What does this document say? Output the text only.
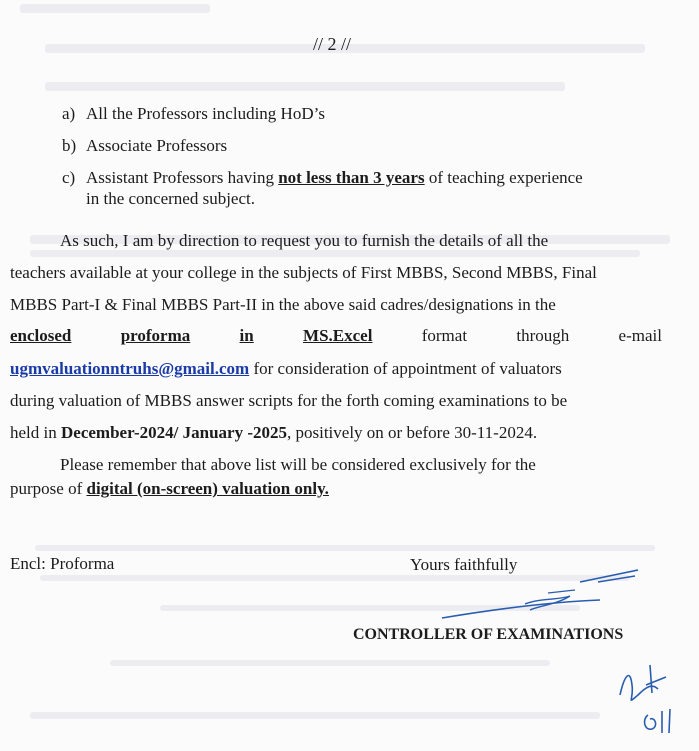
// 2 //
a) All the Professors including HoD’s
b) Associate Professors
c) Assistant Professors having not less than 3 years of teaching experience
in the concerned subject.
As such, I am by direction to request you to furnish the details of all the
teachers available at your college in the subjects of First MBBS, Second MBBS, Final
MBBS Part-I & Final MBBS Part-II in the above said cadres/designations in the
enclosed	proforma	in	MS.Excel	format	through	e-mail
ugmvaluationntruhs@gmail.com for consideration of appointment of valuators
during valuation of MBBS answer scripts for the forth coming examinations to be
held in December-2024/ January -2025, positively on or before 30-11-2024.
Please remember that above list will be considered exclusively for the
purpose of digital (on-screen) valuation only.
Encl: Proforma	Yours faithfully
CONTROLLER OF EXAMINATIONS
